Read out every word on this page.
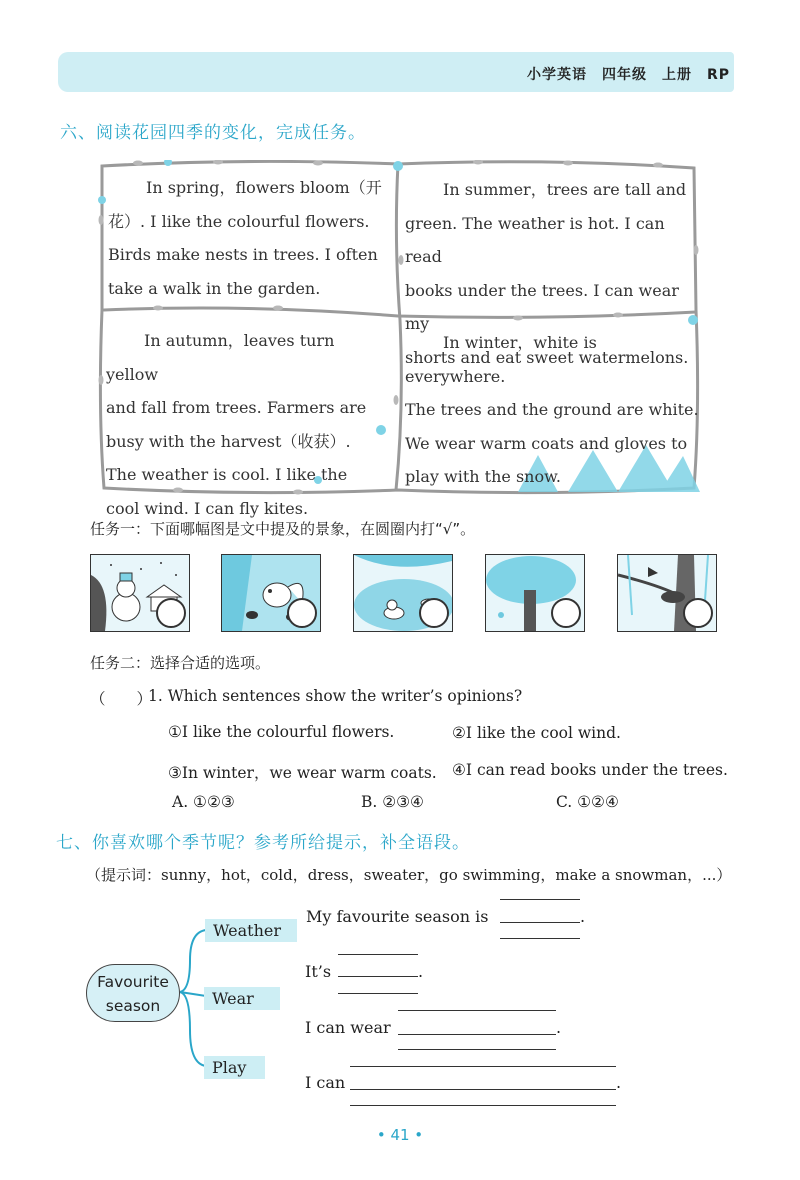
小学英语　四年级　上册　RP
六、阅读花园四季的变化，完成任务。
In spring，flowers bloom（开
花）. I like the colourful flowers.
Birds make nests in trees. I often
take a walk in the garden.
In summer，trees are tall and
green. The weather is hot. I can read
books under the trees. I can wear my
shorts and eat sweet watermelons.
In autumn，leaves turn yellow
and fall from trees. Farmers are
busy with the harvest（收获）.
The weather is cool. I like the
cool wind. I can fly kites.
In winter，white is everywhere.
The trees and the ground are white.
We wear warm coats and gloves to
play with the snow.
任务一：下面哪幅图是文中提及的景象，在圆圈内打“√”。
任务二：选择合适的选项。
（　　）
1. Which sentences show the writer’s opinions?
①I like the colourful flowers.	②I like the cool wind.
③In winter，we wear warm coats. ④I can read books under the trees.
A. ①②③	B. ②③④	C. ①②④
七、你喜欢哪个季节呢？参考所给提示，补全语段。
（提示词：sunny，hot，cold，dress，sweater，go swimming，make a snowman，...）
Favourite
season
Weather
Wear
Play
My favourite season is	.
It’s	.
I can wear	.
I can	.
• 41 •
